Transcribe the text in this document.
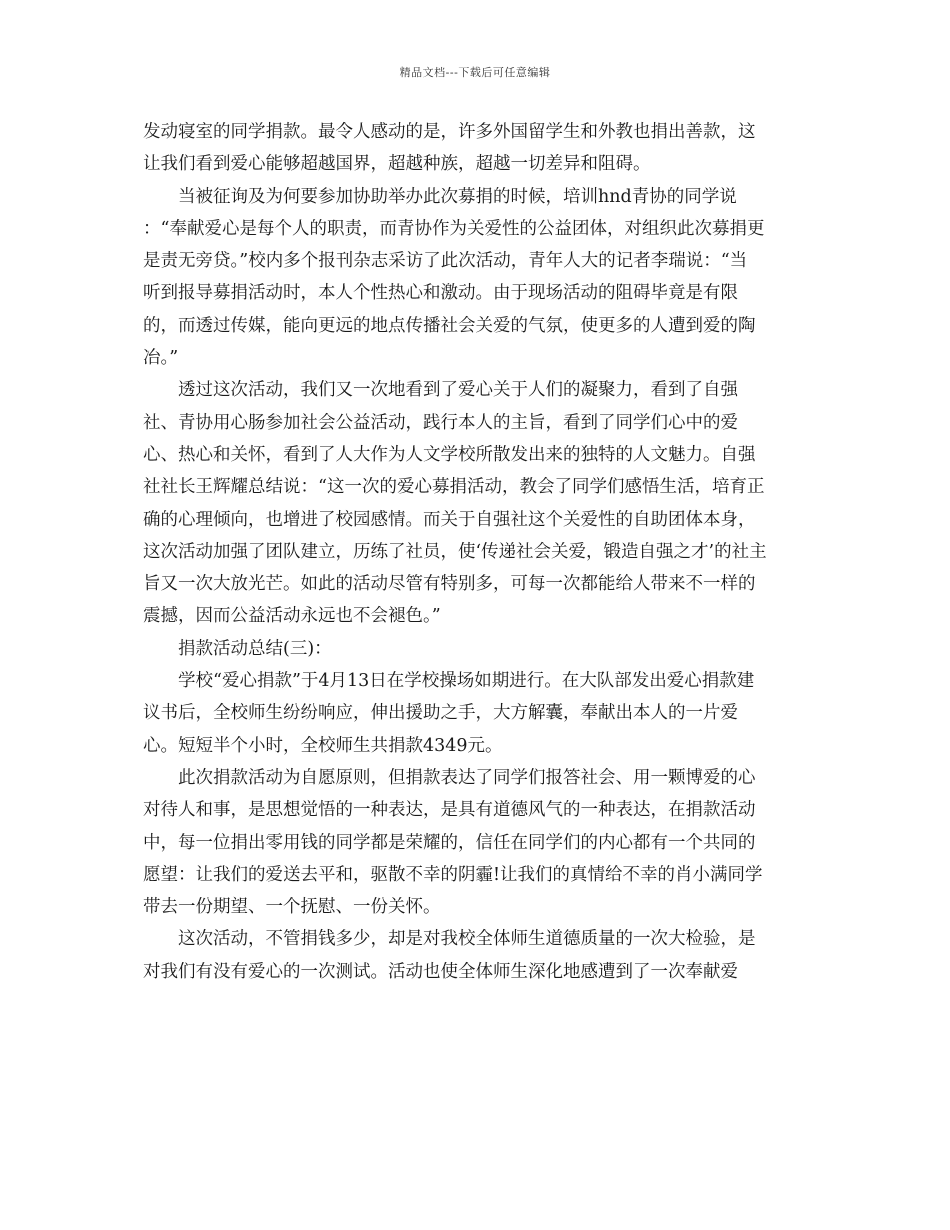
精品文档---下载后可任意编辑
发动寝室的同学捐款。最令人感动的是，许多外国留学生和外教也捐出善款，这
让我们看到爱心能够超越国界，超越种族，超越一切差异和阻碍。
当被征询及为何要参加协助举办此次募捐的时候，培训hnd青协的同学说
：“奉献爱心是每个人的职责，而青协作为关爱性的公益团体，对组织此次募捐更
是责无旁贷。”校内多个报刊杂志采访了此次活动，青年人大的记者李瑞说：“当
听到报导募捐活动时，本人个性热心和激动。由于现场活动的阻碍毕竟是有限
的，而透过传媒，能向更远的地点传播社会关爱的气氛，使更多的人遭到爱的陶
冶。”
透过这次活动，我们又一次地看到了爱心关于人们的凝聚力，看到了自强
社、青协用心肠参加社会公益活动，践行本人的主旨，看到了同学们心中的爱
心、热心和关怀，看到了人大作为人文学校所散发出来的独特的人文魅力。自强
社社长王辉耀总结说：“这一次的爱心募捐活动，教会了同学们感悟生活，培育正
确的心理倾向，也增进了校园感情。而关于自强社这个关爱性的自助团体本身，
这次活动加强了团队建立，历练了社员，使‘传递社会关爱，锻造自强之才’的社主
旨又一次大放光芒。如此的活动尽管有特别多，可每一次都能给人带来不一样的
震撼，因而公益活动永远也不会褪色。”
捐款活动总结(三)：
学校“爱心捐款”于4月13日在学校操场如期进行。在大队部发出爱心捐款建
议书后，全校师生纷纷响应，伸出援助之手，大方解囊，奉献出本人的一片爱
心。短短半个小时，全校师生共捐款4349元。
此次捐款活动为自愿原则，但捐款表达了同学们报答社会、用一颗博爱的心
对待人和事，是思想觉悟的一种表达，是具有道德风气的一种表达，在捐款活动
中，每一位捐出零用钱的同学都是荣耀的，信任在同学们的内心都有一个共同的
愿望：让我们的爱送去平和，驱散不幸的阴霾!让我们的真情给不幸的肖小满同学
带去一份期望、一个抚慰、一份关怀。
这次活动，不管捐钱多少，却是对我校全体师生道德质量的一次大检验，是
对我们有没有爱心的一次测试。活动也使全体师生深化地感遭到了一次奉献爱
